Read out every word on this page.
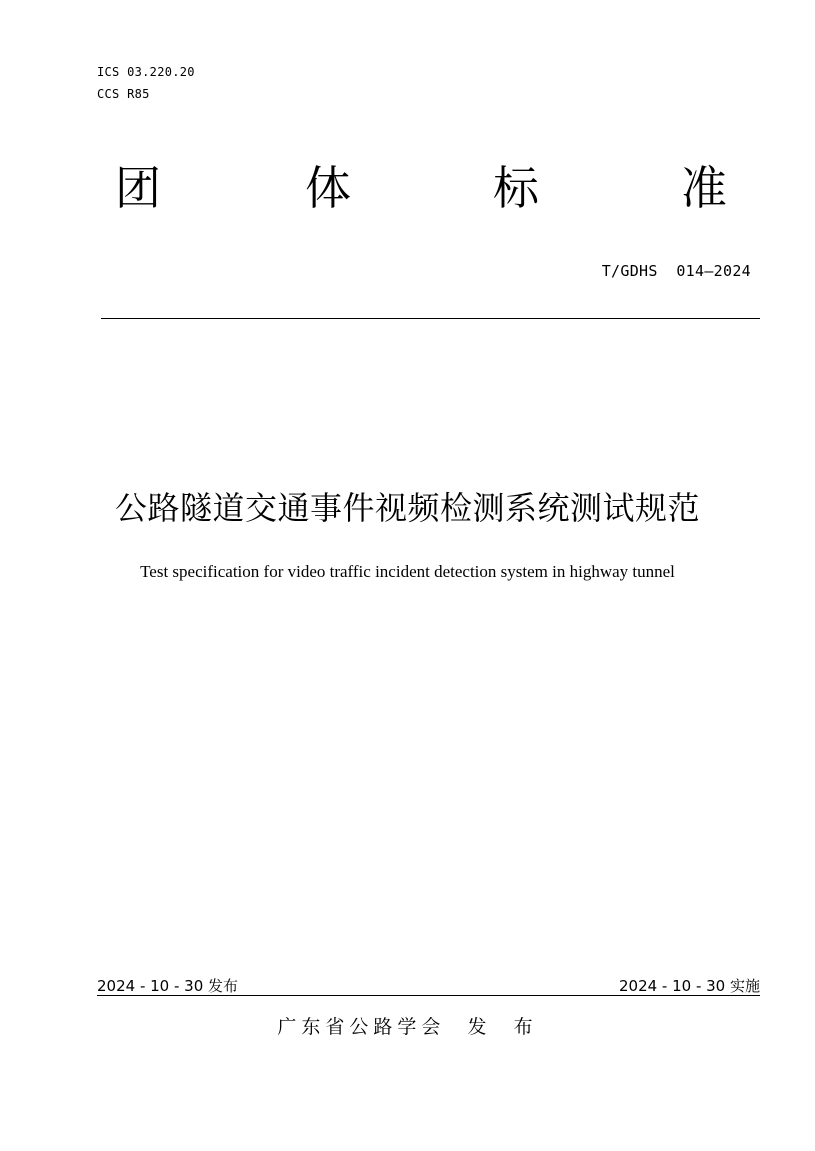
ICS 03.220.20
CCS R85
团	体	标	准
T/GDHS  014—2024
公路隧道交通事件视频检测系统测试规范
Test specification for video traffic incident detection system in highway tunnel
2024 - 10 - 30 发布	2024 - 10 - 30 实施
广东省公路学会  发  布
